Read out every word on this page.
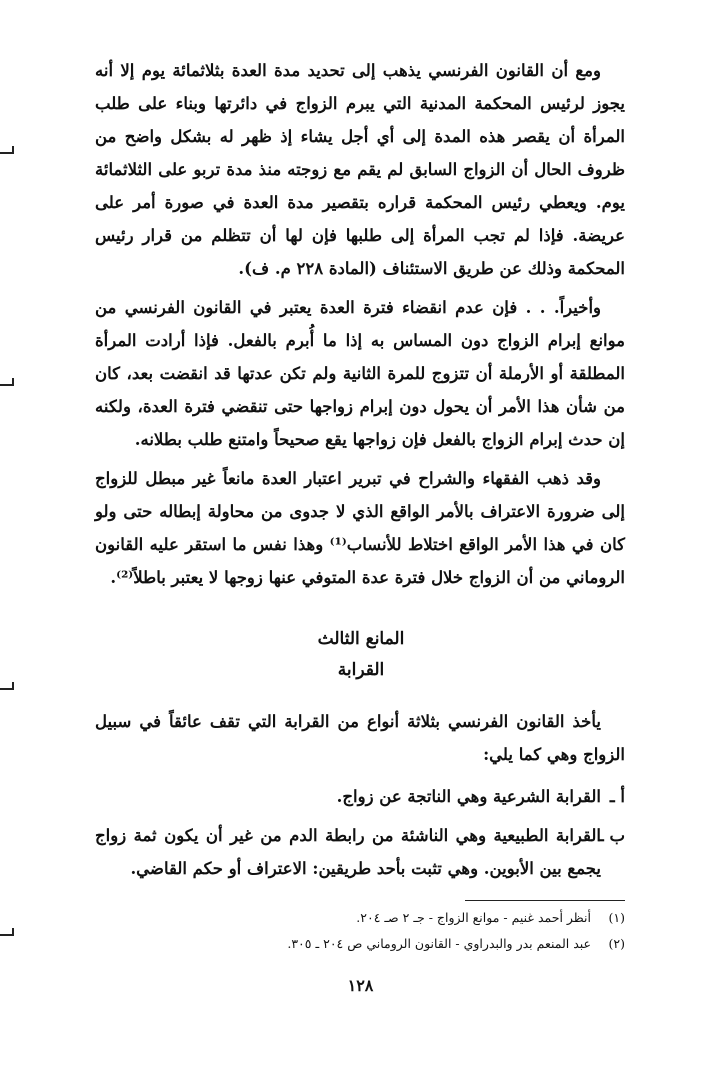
ومع أن القانون الفرنسي يذهب إلى تحديد مدة العدة بثلاثمائة يوم إلا أنه يجوز لرئيس المحكمة المدنية التي يبرم الزواج في دائرتها وبناء على طلب المرأة أن يقصر هذه المدة إلى أي أجل يشاء إذ ظهر له بشكل واضح من ظروف الحال أن الزواج السابق لم يقم مع زوجته منذ مدة تربو على الثلاثمائة يوم. ويعطي رئيس المحكمة قراره بتقصير مدة العدة في صورة أمر على عريضة. فإذا لم تجب المرأة إلى طلبها فإن لها أن تتظلم من قرار رئيس المحكمة وذلك عن طريق الاستئناف (المادة ٢٢٨ م. ف).

وأخيراً. . . فإن عدم انقضاء فترة العدة يعتبر في القانون الفرنسي من موانع إبرام الزواج دون المساس به إذا ما أُبرم بالفعل. فإذا أرادت المرأة المطلقة أو الأرملة أن تتزوج للمرة الثانية ولم تكن عدتها قد انقضت بعد، كان من شأن هذا الأمر أن يحول دون إبرام زواجها حتى تنقضي فترة العدة، ولكنه إن حدث إبرام الزواج بالفعل فإن زواجها يقع صحيحاً وامتنع طلب بطلانه.

وقد ذهب الفقهاء والشراح في تبرير اعتبار العدة مانعاً غير مبطل للزواج إلى ضرورة الاعتراف بالأمر الواقع الذي لا جدوى من محاولة إبطاله حتى ولو كان في هذا الأمر الواقع اختلاط للأنساب⁽¹⁾ وهذا نفس ما استقر عليه القانون الروماني من أن الزواج خلال فترة عدة المتوفي عنها زوجها لا يعتبر باطلاً⁽²⁾.

المانع الثالث
القرابة

يأخذ القانون الفرنسي بثلاثة أنواع من القرابة التي تقف عائقاً في سبيل الزواج وهي كما يلي:

أ ـ
القرابة الشرعية وهي الناتجة عن زواج.
ب ـ
القرابة الطبيعية وهي الناشئة من رابطة الدم من غير أن يكون ثمة زواج يجمع بين الأبوين. وهي تثبت بأحد طريقين: الاعتراف أو حكم القاضي.
(١) أنظر أحمد غنيم - موانع الزواج - جـ ٢ صـ ٢٠٤.
(٢) عبد المنعم بدر والبدراوي - القانون الروماني ص ٢٠٤ ـ ٣٠٥.
١٢٨
